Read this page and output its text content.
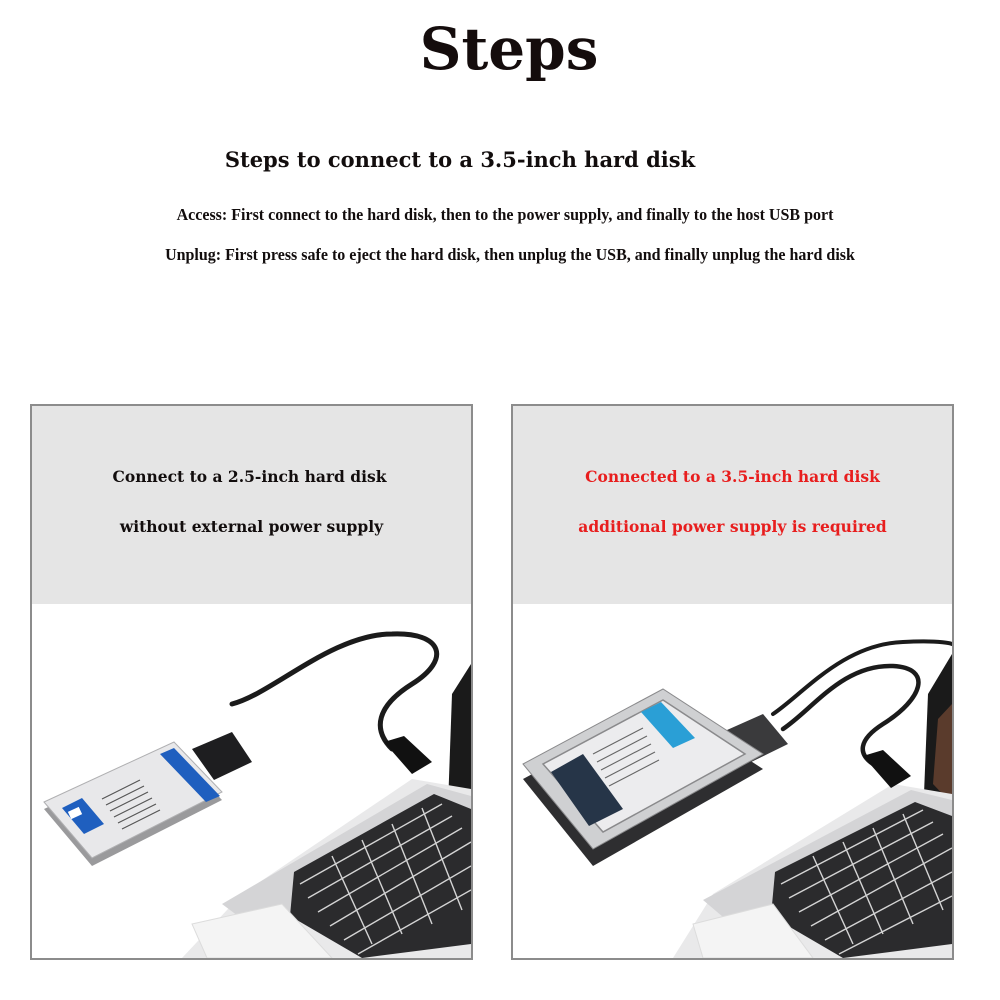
Steps
Steps to connect to a 3.5-inch hard disk
Access: First connect to the hard disk, then to the power supply, and finally to the host USB port
Unplug: First press safe to eject the hard disk, then unplug the USB, and finally unplug the hard disk
Connect to a 2.5-inch hard disk
without external power supply
Connected to a 3.5-inch hard disk
additional power supply is required
